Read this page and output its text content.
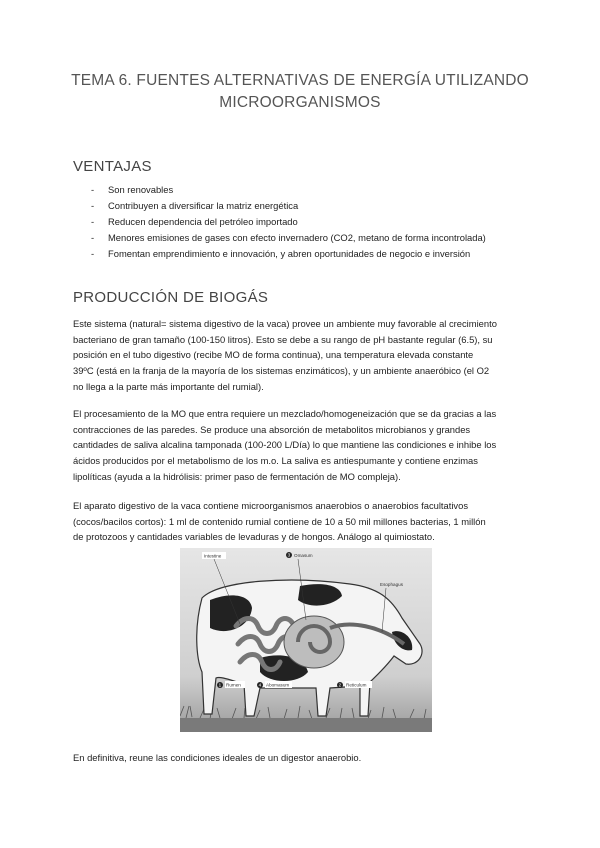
TEMA 6. FUENTES ALTERNATIVAS DE ENERGÍA UTILIZANDO
MICROORGANISMOS
VENTAJAS
- Son renovables
- Contribuyen a diversificar la matriz energética
- Reducen dependencia del petróleo importado
- Menores emisiones de gases con efecto invernadero (CO2, metano de forma incontrolada)
- Fomentan emprendimiento e innovación, y abren oportunidades de negocio e inversión
PRODUCCIÓN DE BIOGÁS

Este sistema (natural= sistema digestivo de la vaca) provee un ambiente muy favorable al crecimiento

bacteriano de gran tamaño (100-150 litros). Esto se debe a su rango de pH bastante regular (6.5), su

posición en el tubo digestivo (recibe MO de forma continua), una temperatura elevada constante

39ºC (está en la franja de la mayoría de los sistemas enzimáticos), y un ambiente anaeróbico (el O2

no llega a la parte más importante del rumial).

El procesamiento de la MO que entra requiere un mezclado/homogeneización que se da gracias a las

contracciones de las paredes. Se produce una absorción de metabolitos microbianos y grandes

cantidades de saliva alcalina tamponada (100-200 L/Día) lo que mantiene las condiciones e inhibe los

ácidos producidos por el metabolismo de los m.o. La saliva es antiespumante y contiene enzimas

lipolíticas (ayuda a la hidrólisis: primer paso de fermentación de MO compleja).

El aparato digestivo de la vaca contiene microorganismos anaerobios o anaerobios facultativos

(cocos/bacilos cortos): 1 ml de contenido rumial contiene de 10 a 50 mil millones bacterias, 1 millón

de protozoos y cantidades variables de levaduras y de hongos. Análogo al quimiostato.

Intestine	3 Omasum
Esophagus
1 Rumen	4 Abomasum	2 Reticulum
En definitiva, reune las condiciones ideales de un digestor anaerobio.
